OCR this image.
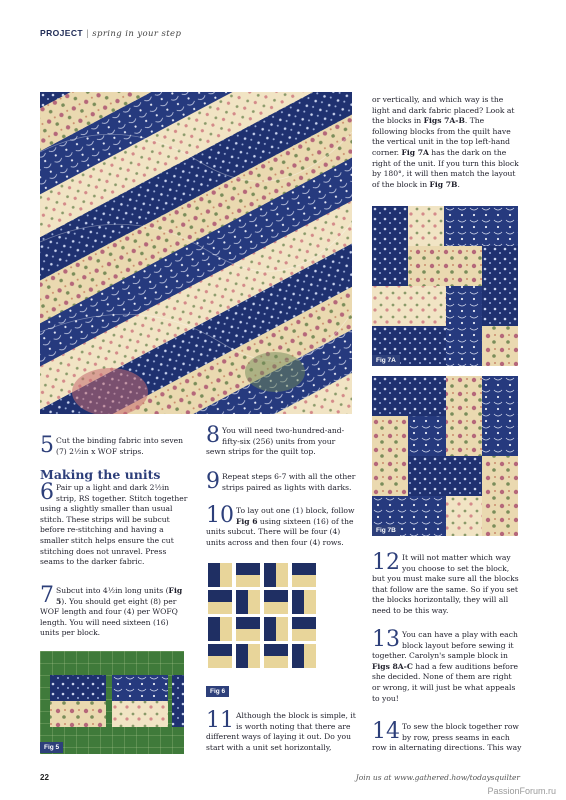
PROJECT | spring in your step

or vertically, and which way is the light and dark fabric placed? Look at the blocks in Figs 7A-B. The following blocks from the quilt have the vertical unit in the top left-hand corner. Fig 7A has the dark on the right of the unit. If you turn this block by 180°, it will then match the layout of the block in Fig 7B.

Fig 7A
Fig 7B
5 Cut the binding fabric into seven (7) 2½in x WOF strips.
Making the units
6 Pair up a light and dark 2½in strip, RS together. Stitch together using a slightly smaller than usual stitch. These strips will be subcut before re-stitching and having a smaller stitch helps ensure the cut stitching does not unravel. Press seams to the darker fabric.
7 Subcut into 4½in long units (Fig 5). You should get eight (8) per WOF length and four (4) per WOFQ length. You will need sixteen (16) units per block.
Fig 5
8 You will need two-hundred-and-fifty-six (256) units from your sewn strips for the quilt top.
9 Repeat steps 6-7 with all the other strips paired as lights with darks.
10 To lay out one (1) block, follow Fig 6 using sixteen (16) of the units subcut. There will be four (4) units across and then four (4) rows.
Fig 6
11 Although the block is simple, it is worth noting that there are different ways of laying it out. Do you start with a unit set horizontally,
12 It will not matter which way you choose to set the block, but you must make sure all the blocks that follow are the same. So if you set the blocks horizontally, they will all need to be this way.
13 You can have a play with each block layout before sewing it together. Carolyn's sample block in Figs 8A-C had a few auditions before she decided. None of them are right or wrong, it will just be what appeals to you!
14 To sew the block together row by row, press seams in each row in alternating directions. This way
22	Join us at www.gathered.how/todaysquilter
PassionForum.ru
